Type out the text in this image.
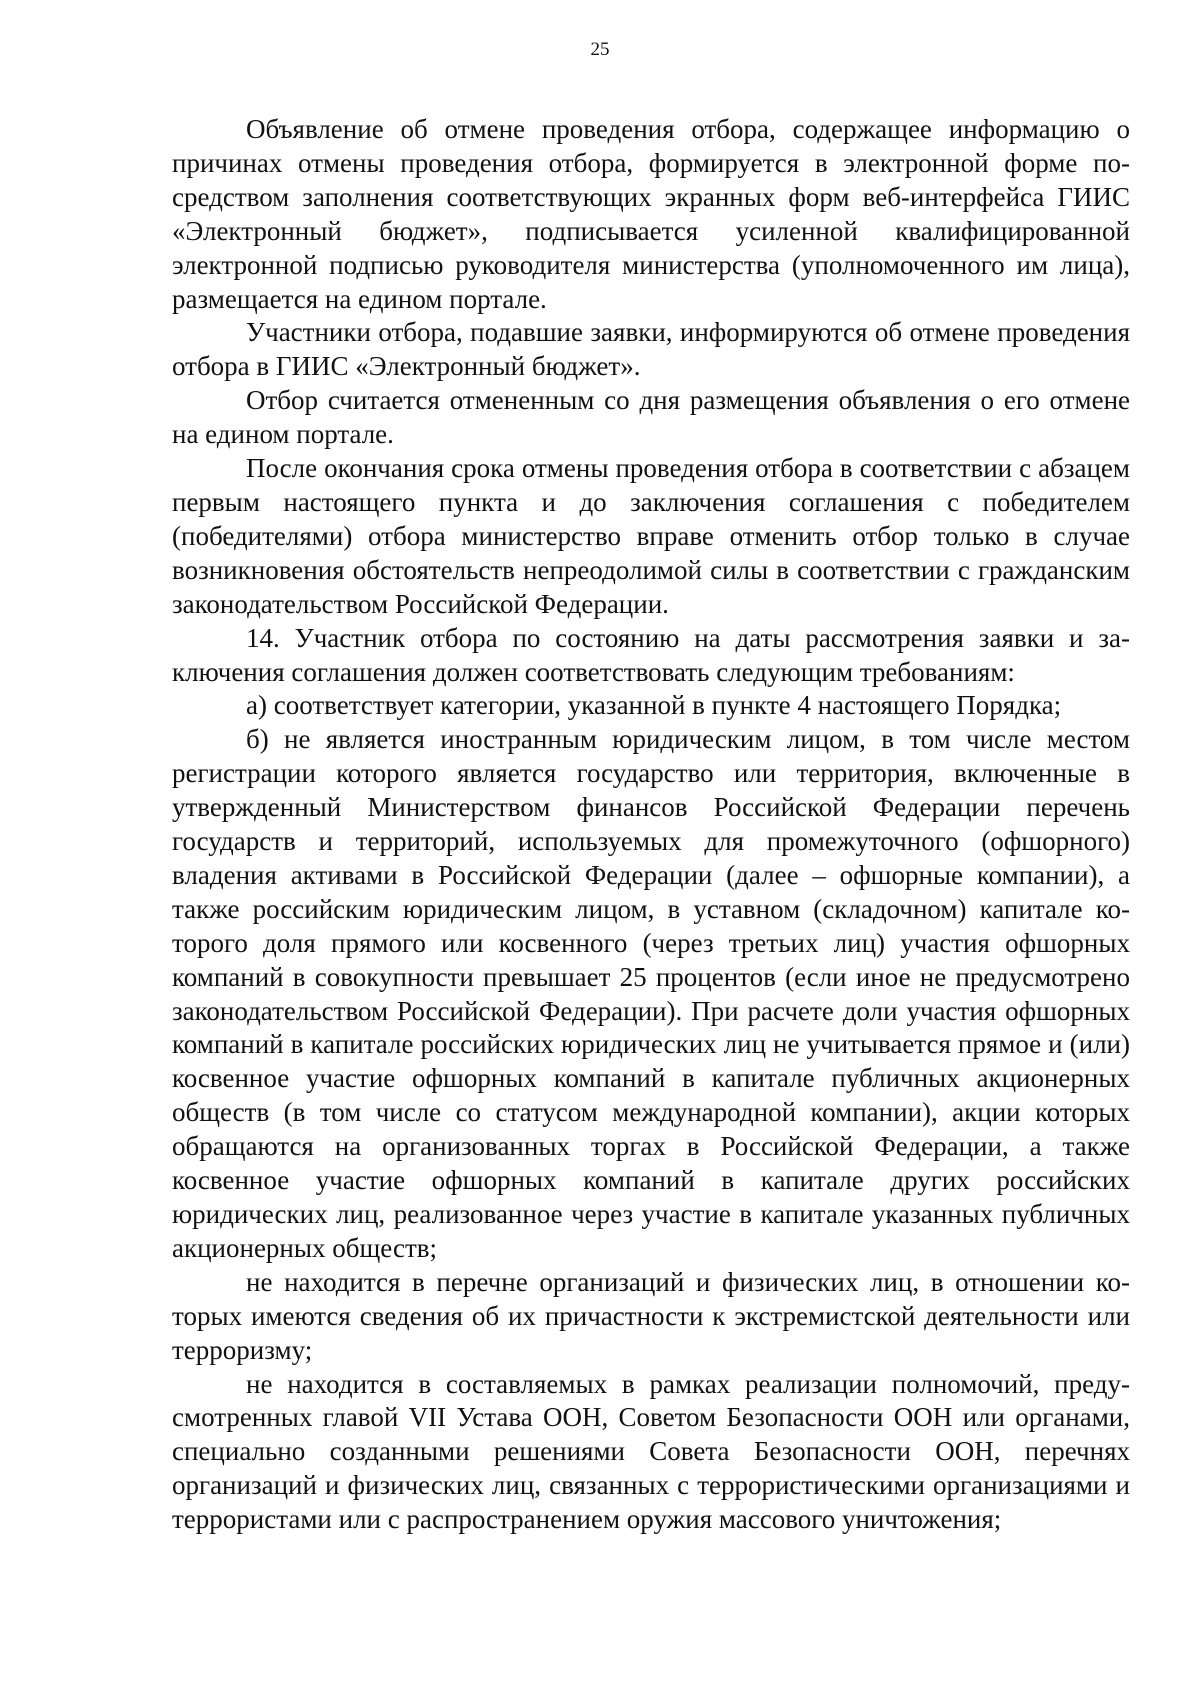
25

Объявление об отмене проведения отбора, содержащее информацию о причинах отмены проведения отбора, формируется в электронной форме посредством заполнения соответствующих экранных форм веб-интерфейса ГИИС «Электронный бюджет», подписывается усиленной квалифицированной электронной подписью руководителя министерства (уполномоченного им лица), размещается на едином портале.

Участники отбора, подавшие заявки, информируются об отмене проведения отбора в ГИИС «Электронный бюджет».

Отбор считается отмененным со дня размещения объявления о его отмене на едином портале.

После окончания срока отмены проведения отбора в соответствии с абзацем первым настоящего пункта и до заключения соглашения с победителем (победителями) отбора министерство вправе отменить отбор только в случае возникновения обстоятельств непреодолимой силы в соответствии с гражданским законодательством Российской Федерации.

14. Участник отбора по состоянию на даты рассмотрения заявки и заключения соглашения должен соответствовать следующим требованиям:

а) соответствует категории, указанной в пункте 4 настоящего Порядка;

б) не является иностранным юридическим лицом, в том числе местом регистрации которого является государство или территория, включенные в утвержденный Министерством финансов Российской Федерации перечень государств и территорий, используемых для промежуточного (офшорного) владения активами в Российской Федерации (далее – офшорные компании), а также российским юридическим лицом, в уставном (складочном) капитале которого доля прямого или косвенного (через третьих лиц) участия офшорных компаний в совокупности превышает 25 процентов (если иное не предусмотрено законодательством Российской Федерации). При расчете доли участия офшорных компаний в капитале российских юридических лиц не учитывается прямое и (или) косвенное участие офшорных компаний в капитале публичных акционерных обществ (в том числе со статусом международной компании), акции которых обращаются на организованных торгах в Российской Федерации, а также косвенное участие офшорных компаний в капитале других российских юридических лиц, реализованное через участие в капитале указанных публичных акционерных обществ;

не находится в перечне организаций и физических лиц, в отношении которых имеются сведения об их причастности к экстремистской деятельности или терроризму;

не находится в составляемых в рамках реализации полномочий, предусмотренных главой VII Устава ООН, Советом Безопасности ООН или органами, специально созданными решениями Совета Безопасности ООН, перечнях организаций и физических лиц, связанных с террористическими организациями и террористами или с распространением оружия массового уничтожения;
